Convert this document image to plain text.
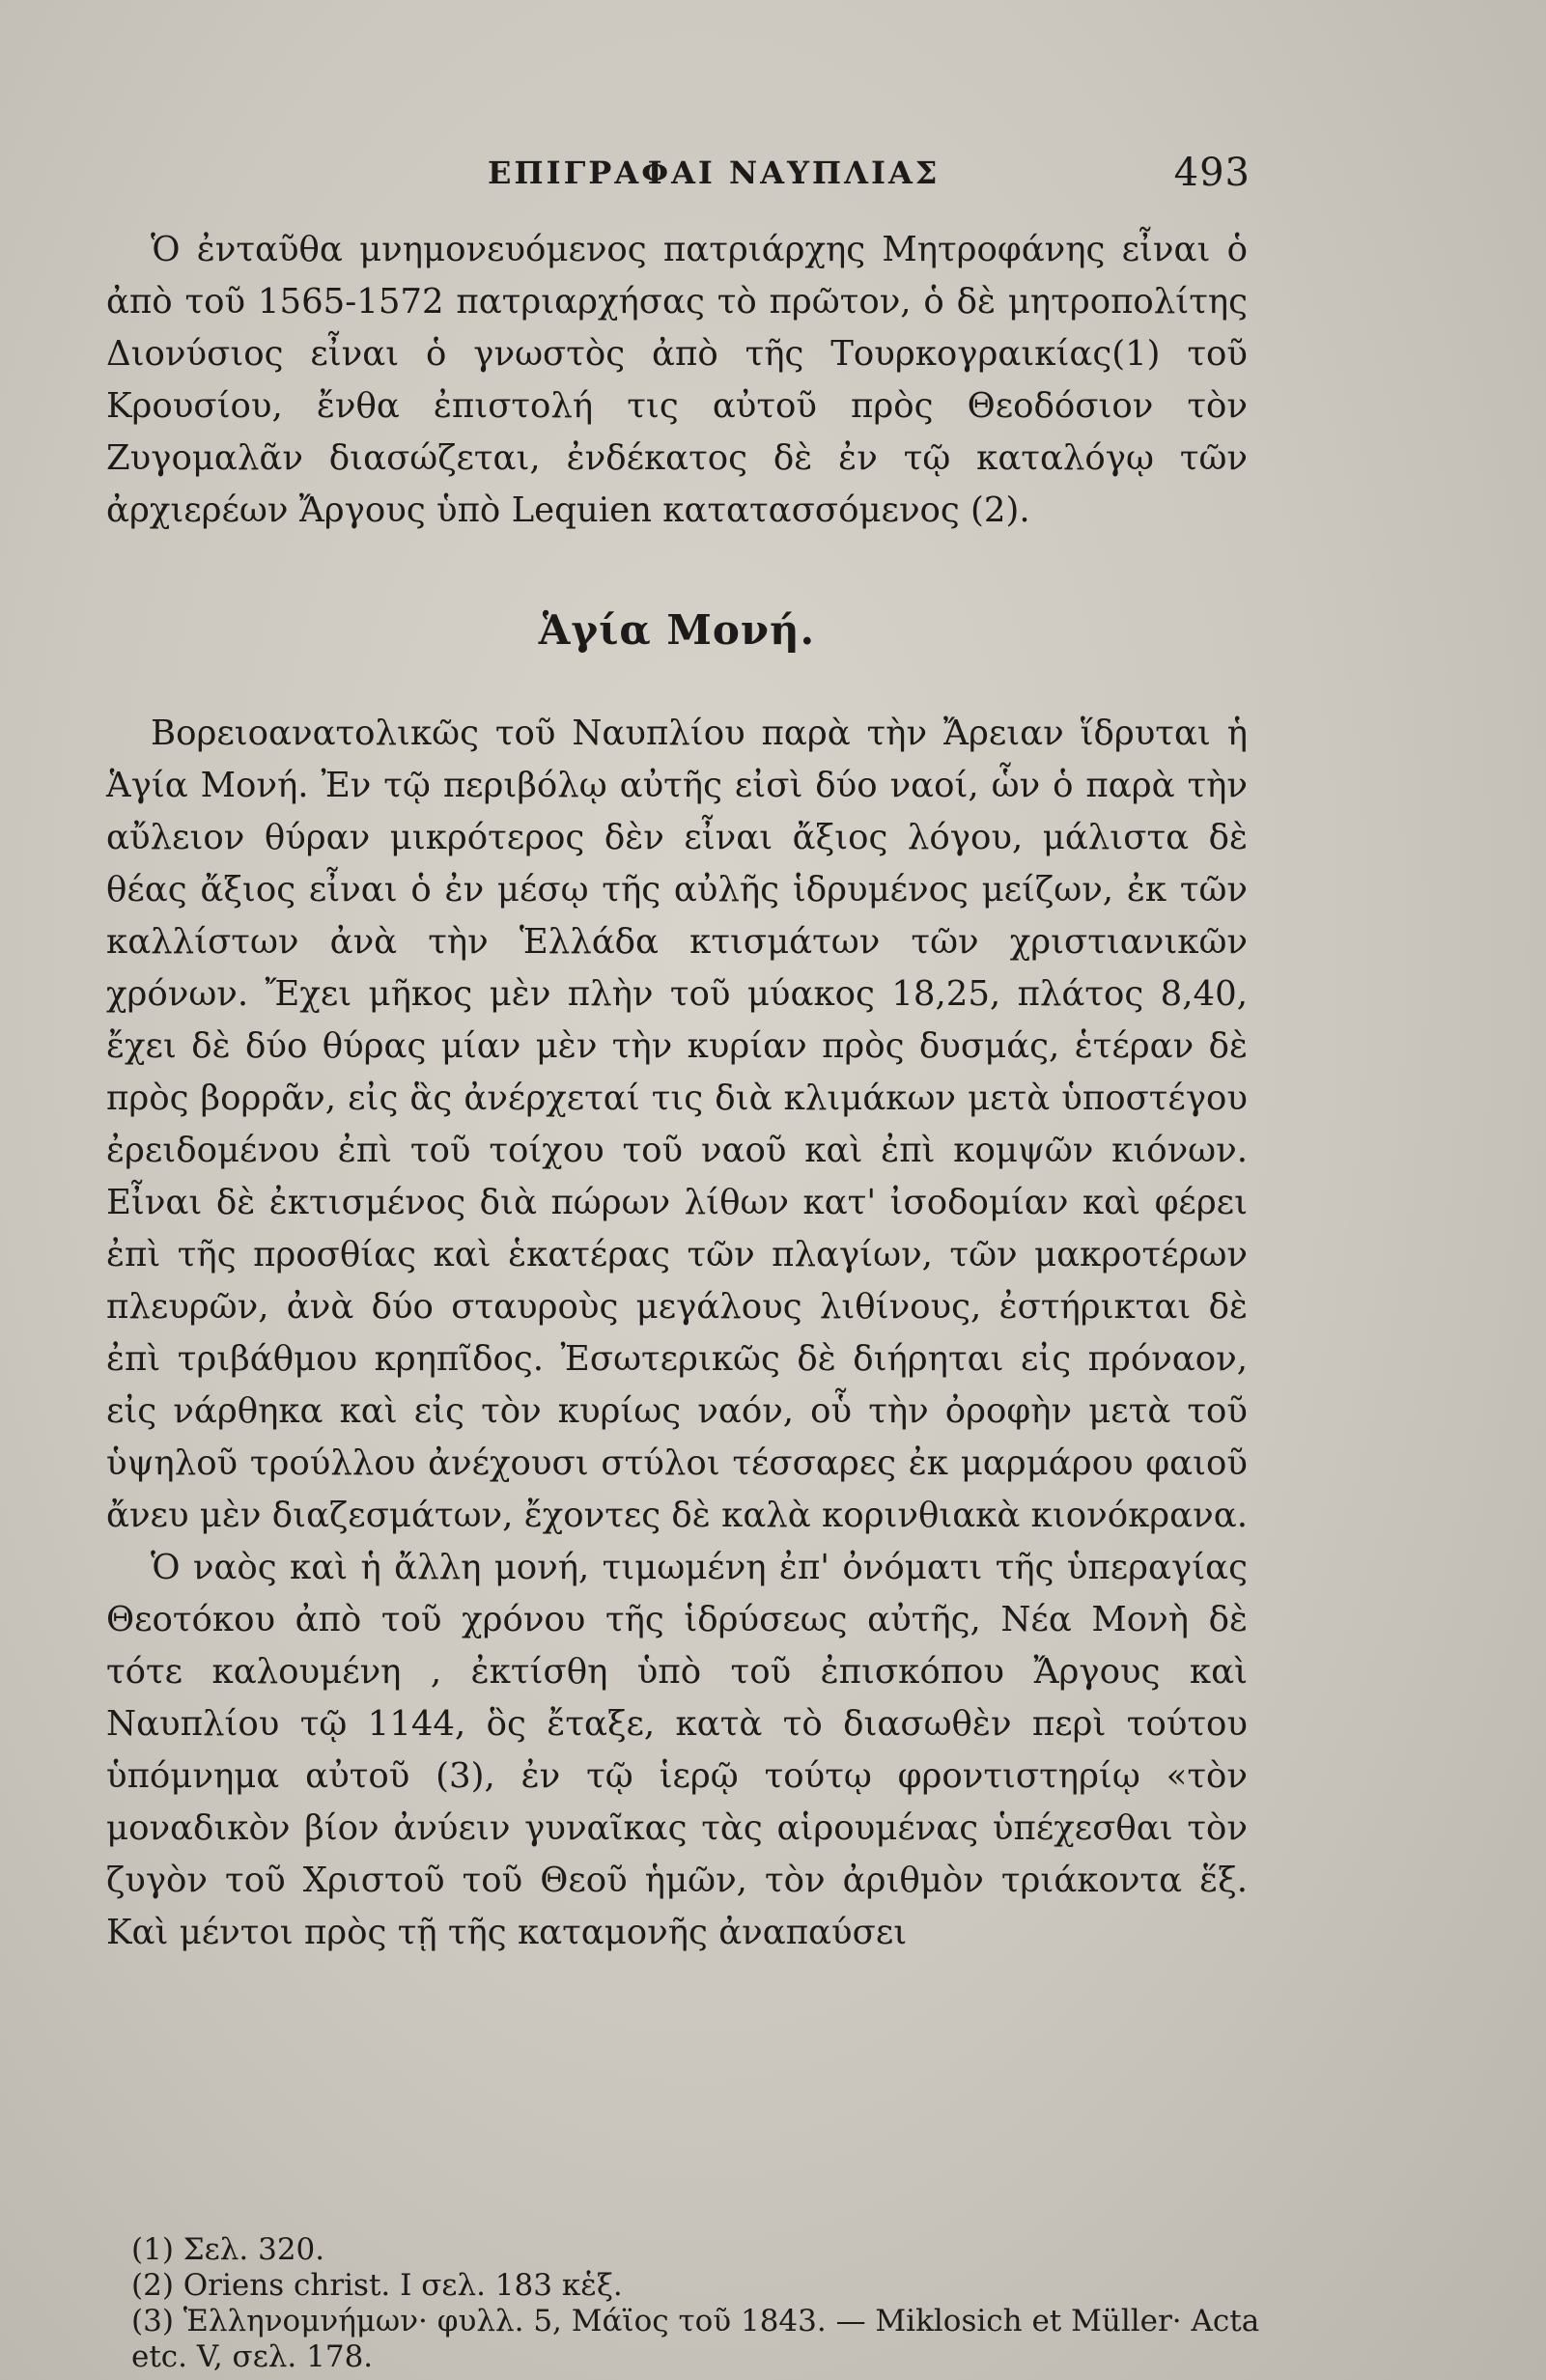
ΕΠΙΓΡΑΦΑΙ ΝΑΥΠΛΙΑΣ	493

Ὁ ἐνταῦθα μνημονευόμενος πατριάρχης Μητροφάνης εἶναι ὁ ἀπὸ τοῦ 1565-1572 πατριαρχήσας τὸ πρῶτον, ὁ δὲ μητροπολίτης Διονύσιος εἶναι ὁ γνωστὸς ἀπὸ τῆς Τουρκογραικίας(1) τοῦ Κρουσίου, ἔνθα ἐπιστολή τις αὐτοῦ πρὸς Θεοδόσιον τὸν Ζυγομαλᾶν διασώζεται, ἐνδέκατος δὲ ἐν τῷ καταλόγῳ τῶν ἀρχιερέων Ἄργους ὑπὸ Lequien κατατασσόμενος (2).

Ἁγία Μονή.

Βορειοανατολικῶς τοῦ Ναυπλίου παρὰ τὴν Ἄρειαν ἵδρυται ἡ Ἁγία Μονή. Ἐν τῷ περιβόλῳ αὐτῆς εἰσὶ δύο ναοί, ὧν ὁ παρὰ τὴν αὔλειον θύραν μικρότερος δὲν εἶναι ἄξιος λόγου, μάλιστα δὲ θέας ἄξιος εἶναι ὁ ἐν μέσῳ τῆς αὐλῆς ἱδρυμένος μείζων, ἐκ τῶν καλλίστων ἀνὰ τὴν Ἑλλάδα κτισμάτων τῶν χριστιανικῶν χρόνων. Ἔχει μῆκος μὲν πλὴν τοῦ μύακος 18,25, πλάτος 8,40, ἔχει δὲ δύο θύρας μίαν μὲν τὴν κυρίαν πρὸς δυσμάς, ἑτέραν δὲ πρὸς βορρᾶν, εἰς ἃς ἀνέρχεταί τις διὰ κλιμάκων μετὰ ὑποστέγου ἐρειδομένου ἐπὶ τοῦ τοίχου τοῦ ναοῦ καὶ ἐπὶ κομψῶν κιόνων. Εἶναι δὲ ἐκτισμένος διὰ πώρων λίθων κατ' ἰσοδομίαν καὶ φέρει ἐπὶ τῆς προσθίας καὶ ἑκατέρας τῶν πλαγίων, τῶν μακροτέρων πλευρῶν, ἀνὰ δύο σταυροὺς μεγάλους λιθίνους, ἐστήρικται δὲ ἐπὶ τριβάθμου κρηπῖδος. Ἐσωτερικῶς δὲ διήρηται εἰς πρόναον, εἰς νάρθηκα καὶ εἰς τὸν κυρίως ναόν, οὗ τὴν ὀροφὴν μετὰ τοῦ ὑψηλοῦ τρούλλου ἀνέχουσι στύλοι τέσσαρες ἐκ μαρμάρου φαιοῦ ἄνευ μὲν διαζεσμάτων, ἔχοντες δὲ καλὰ κορινθιακὰ κιονόκρανα.

Ὁ ναὸς καὶ ἡ ἄλλη μονή, τιμωμένη ἐπ' ὀνόματι τῆς ὑπεραγίας Θεοτόκου ἀπὸ τοῦ χρόνου τῆς ἱδρύσεως αὐτῆς, Νέα Μονὴ δὲ τότε καλουμένη , ἐκτίσθη ὑπὸ τοῦ ἐπισκόπου Ἄργους καὶ Ναυπλίου τῷ 1144, ὃς ἔταξε, κατὰ τὸ διασωθὲν περὶ τούτου ὑπόμνημα αὐτοῦ (3), ἐν τῷ ἱερῷ τούτῳ φροντιστηρίῳ «τὸν μοναδικὸν βίον ἀνύειν γυναῖκας τὰς αἱρουμένας ὑπέχεσθαι τὸν ζυγὸν τοῦ Χριστοῦ τοῦ Θεοῦ ἡμῶν, τὸν ἀριθμὸν τριάκοντα ἕξ. Καὶ μέντοι πρὸς τῇ τῆς καταμονῆς ἀναπαύσει

(1) Σελ. 320.

(2) Oriens christ. I σελ. 183 κἑξ.

(3) Ἑλληνομνήμων· φυλλ. 5, Μάϊος τοῦ 1843. — Miklosich et Müller· Acta

etc. V, σελ. 178.
